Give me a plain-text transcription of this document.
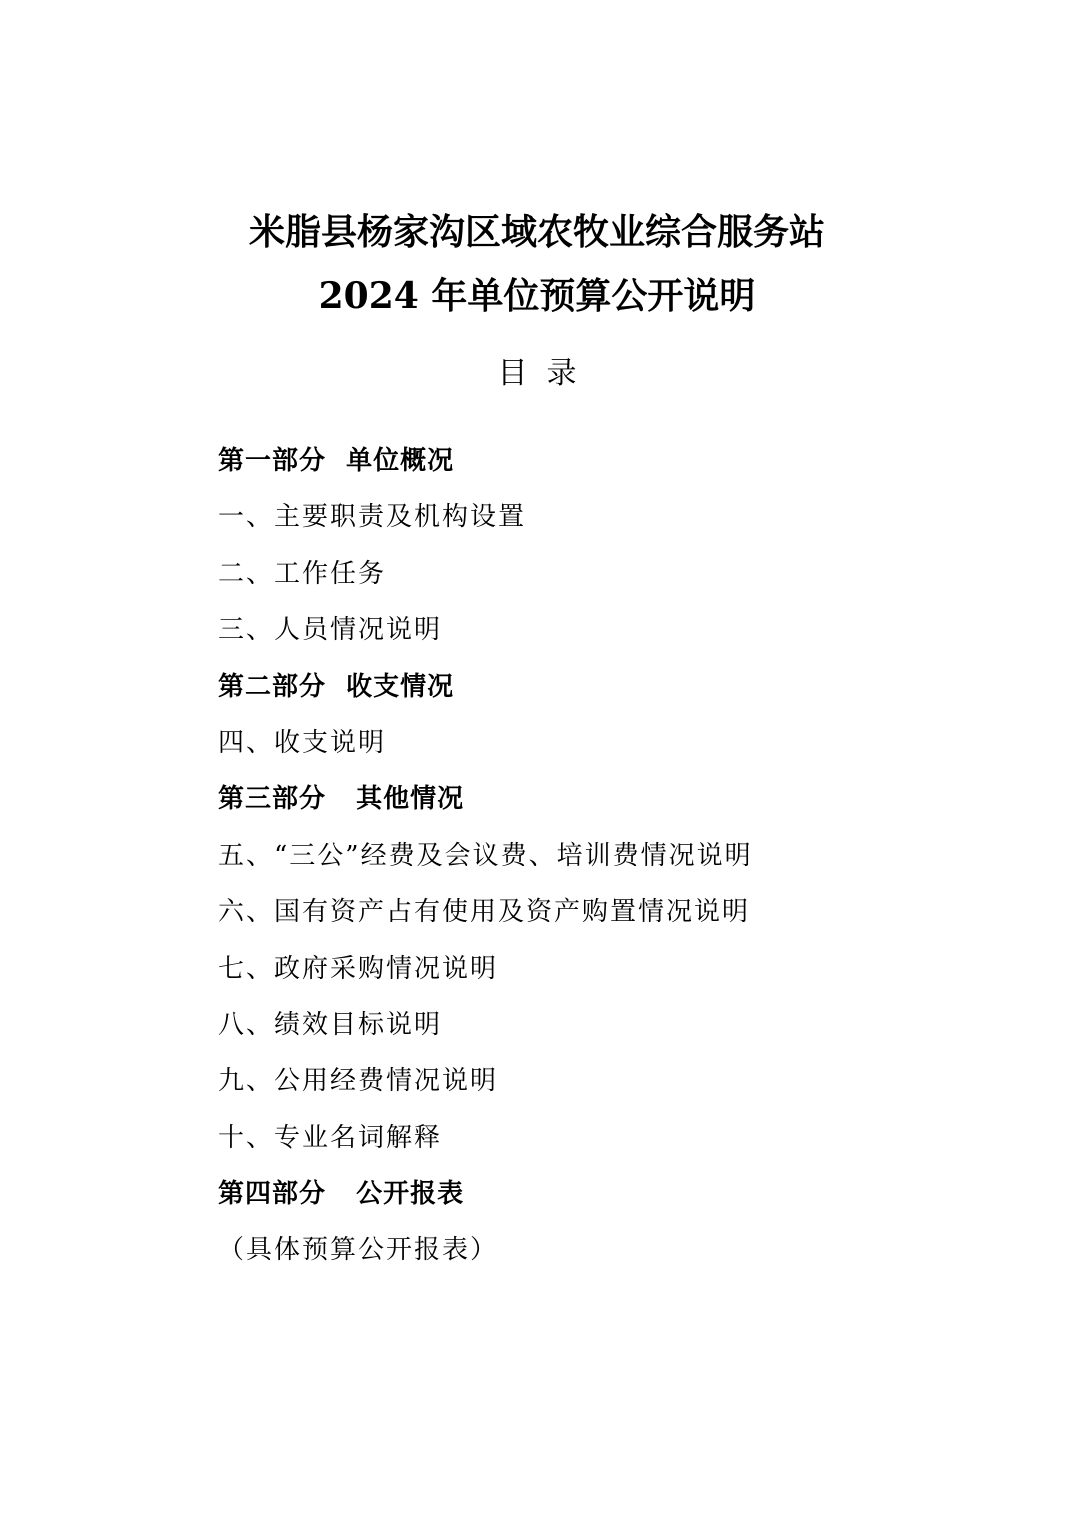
米脂县杨家沟区域农牧业综合服务站
2024 年单位预算公开说明
目  录
第一部分  单位概况
一、主要职责及机构设置
二、工作任务
三、人员情况说明
第二部分  收支情况
四、收支说明
第三部分   其他情况
五、“三公”经费及会议费、培训费情况说明
六、国有资产占有使用及资产购置情况说明
七、政府采购情况说明
八、绩效目标说明
九、公用经费情况说明
十、专业名词解释
第四部分   公开报表
（具体预算公开报表）
